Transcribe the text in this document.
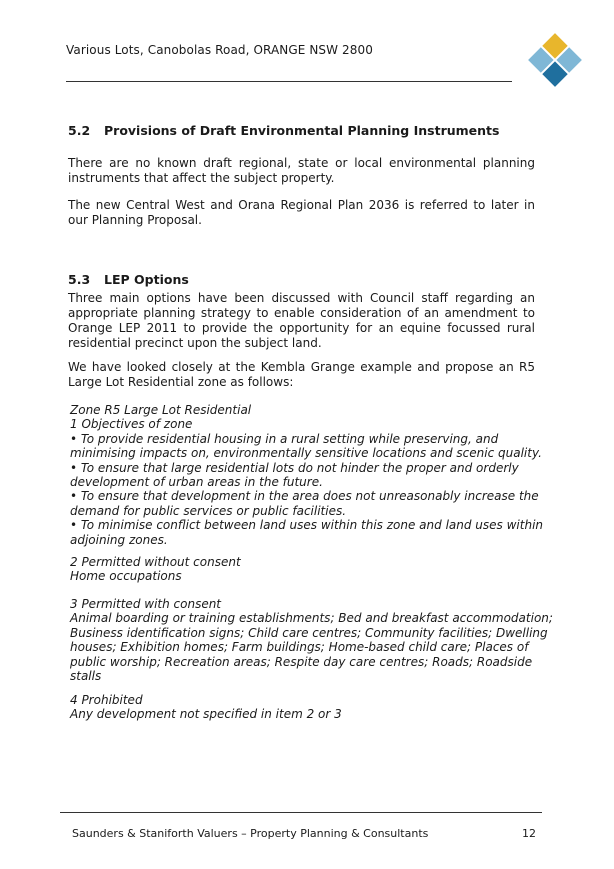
Various Lots, Canobolas Road, ORANGE NSW 2800
5.2 Provisions of Draft Environmental Planning Instruments

There are no known draft regional, state or local environmental planning instruments that affect the subject property.

The new Central West and Orana Regional Plan 2036 is referred to later in our Planning Proposal.

5.3 LEP Options

Three main options have been discussed with Council staff regarding an appropriate planning strategy to enable consideration of an amendment to Orange LEP 2011 to provide the opportunity for an equine focussed rural residential precinct upon the subject land.

We have looked closely at the Kembla Grange example and propose an R5 Large Lot Residential zone as follows:

Zone R5 Large Lot Residential
1 Objectives of zone
• To provide residential housing in a rural setting while preserving, and
minimising impacts on, environmentally sensitive locations and scenic quality.
• To ensure that large residential lots do not hinder the proper and orderly
development of urban areas in the future.
• To ensure that development in the area does not unreasonably increase the
demand for public services or public facilities.
• To minimise conflict between land uses within this zone and land uses within
adjoining zones.
2 Permitted without consent
Home occupations
3 Permitted with consent
Animal boarding or training establishments; Bed and breakfast accommodation;
Business identification signs; Child care centres; Community facilities; Dwelling
houses; Exhibition homes; Farm buildings; Home-based child care; Places of
public worship; Recreation areas; Respite day care centres; Roads; Roadside
stalls
4 Prohibited
Any development not specified in item 2 or 3
Saunders & Staniforth Valuers – Property Planning & Consultants	12
